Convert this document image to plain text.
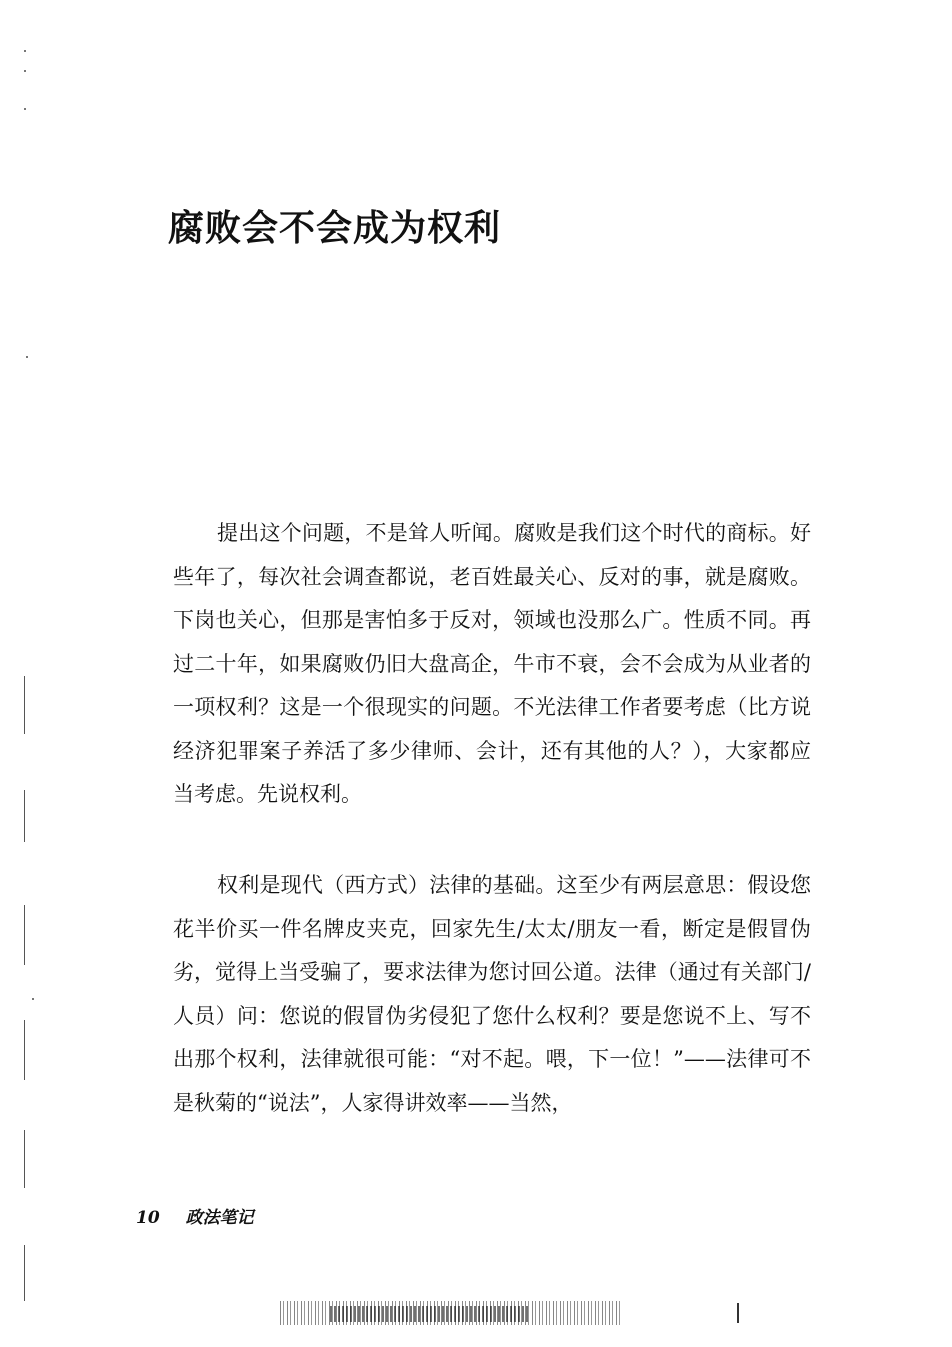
腐败会不会成为权利

提出这个问题，不是耸人听闻。腐败是我们这个时代的商标。好些年了，每次社会调查都说，老百姓最关心、反对的事，就是腐败。下岗也关心，但那是害怕多于反对，领域也没那么广。性质不同。再过二十年，如果腐败仍旧大盘高企，牛市不衰，会不会成为从业者的一项权利？这是一个很现实的问题。不光法律工作者要考虑（比方说经济犯罪案子养活了多少律师、会计，还有其他的人？），大家都应当考虑。先说权利。

权利是现代（西方式）法律的基础。这至少有两层意思：假设您花半价买一件名牌皮夹克，回家先生/太太/朋友一看，断定是假冒伪劣，觉得上当受骗了，要求法律为您讨回公道。法律（通过有关部门/人员）问：您说的假冒伪劣侵犯了您什么权利？要是您说不上、写不出那个权利，法律就很可能：“对不起。喂，下一位！”——法律可不是秋菊的“说法”，人家得讲效率——当然，

10 政法笔记
